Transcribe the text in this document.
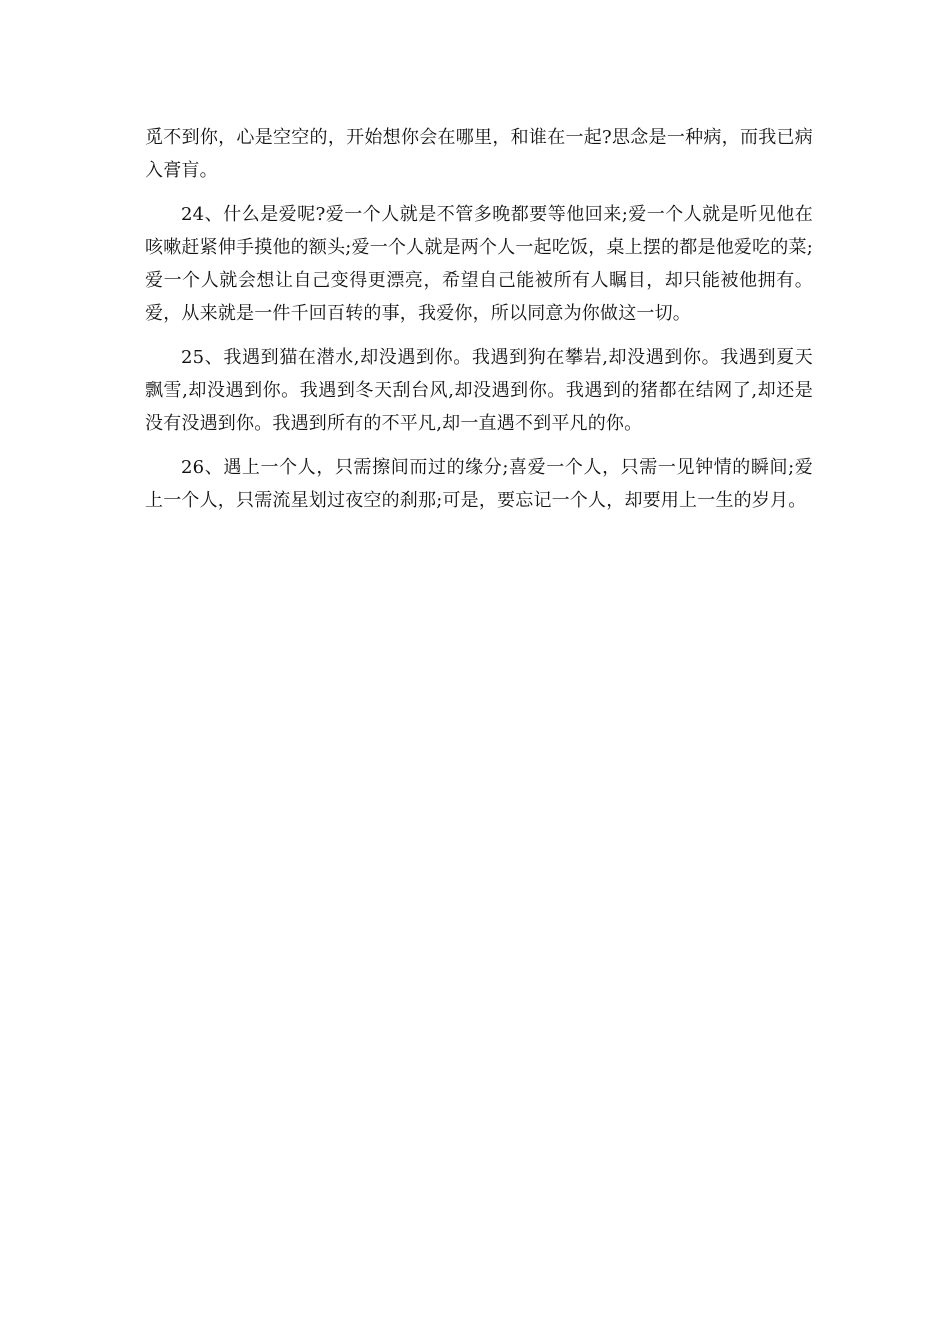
觅不到你，心是空空的，开始想你会在哪里，和谁在一起?思念是一种病，而我已病入膏肓。

24、什么是爱呢?爱一个人就是不管多晚都要等他回来;爱一个人就是听见他在咳嗽赶紧伸手摸他的额头;爱一个人就是两个人一起吃饭，桌上摆的都是他爱吃的菜;爱一个人就会想让自己变得更漂亮，希望自己能被所有人瞩目，却只能被他拥有。爱，从来就是一件千回百转的事，我爱你，所以同意为你做这一切。

25、我遇到猫在潜水,却没遇到你。我遇到狗在攀岩,却没遇到你。我遇到夏天飘雪,却没遇到你。我遇到冬天刮台风,却没遇到你。我遇到的猪都在结网了,却还是没有没遇到你。我遇到所有的不平凡,却一直遇不到平凡的你。

26、遇上一个人，只需擦间而过的缘分;喜爱一个人，只需一见钟情的瞬间;爱上一个人，只需流星划过夜空的刹那;可是，要忘记一个人，却要用上一生的岁月。
